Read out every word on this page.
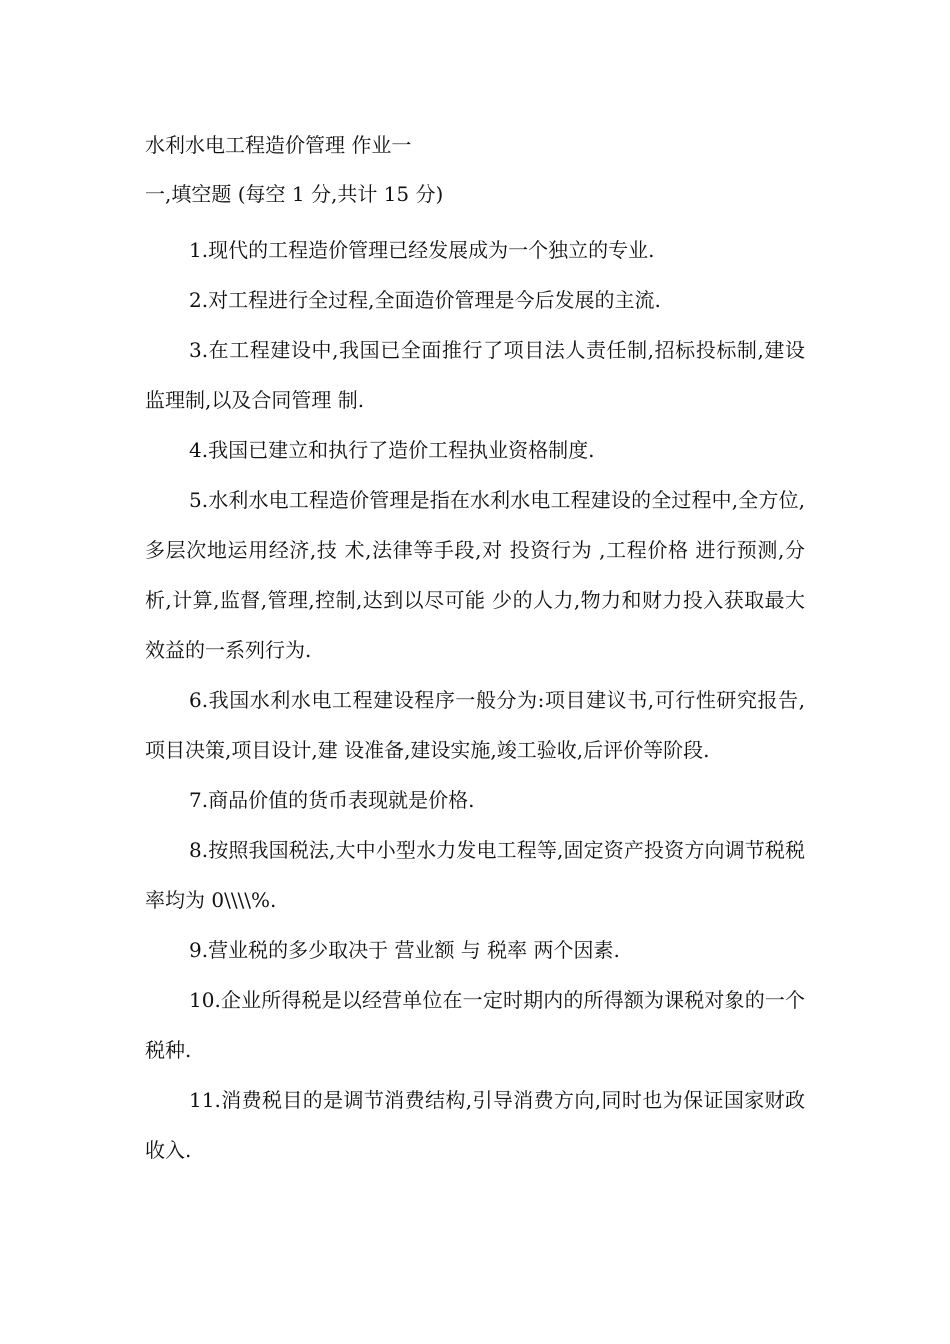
水利水电工程造价管理 作业一
一,填空题 (每空 1 分,共计 15 分)

1.现代的工程造价管理已经发展成为一个独立的专业.

2.对工程进行全过程,全面造价管理是今后发展的主流.

3.在工程建设中,我国已全面推行了项目法人责任制,招标投标制,建设监理制,以及合同管理 制.

4.我国已建立和执行了造价工程执业资格制度.

5.水利水电工程造价管理是指在水利水电工程建设的全过程中,全方位,多层次地运用经济,技 术,法律等手段,对 投资行为 ,工程价格 进行预测,分析,计算,监督,管理,控制,达到以尽可能 少的人力,物力和财力投入获取最大效益的一系列行为.

6.我国水利水电工程建设程序一般分为:项目建议书,可行性研究报告,项目决策,项目设计,建 设准备,建设实施,竣工验收,后评价等阶段.

7.商品价值的货币表现就是价格.

8.按照我国税法,大中小型水力发电工程等,固定资产投资方向调节税税率均为 0\\\\%.

9.营业税的多少取决于 营业额 与 税率 两个因素.

10.企业所得税是以经营单位在一定时期内的所得额为课税对象的一个税种.

11.消费税目的是调节消费结构,引导消费方向,同时也为保证国家财政收入.
